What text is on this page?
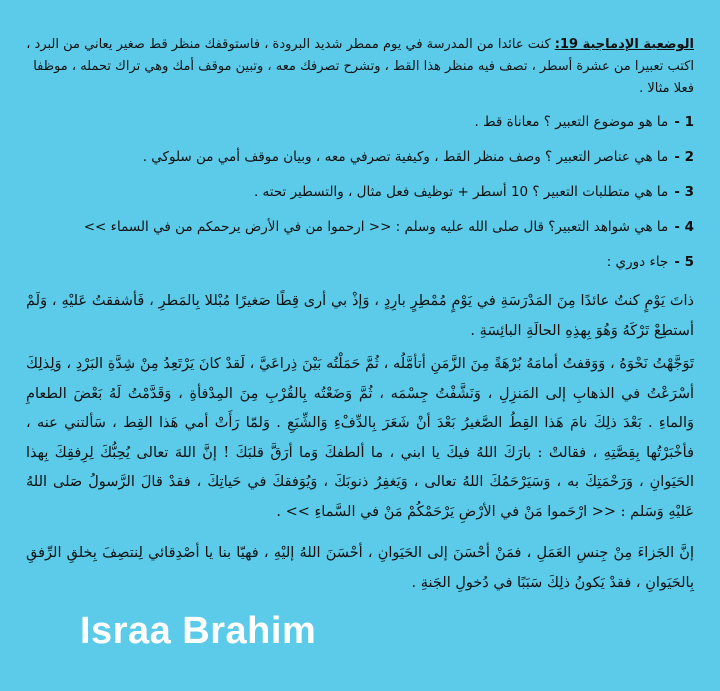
الوضعية الإدماجية 19: كنت عائدا من المدرسة في يوم ممطر شديد البرودة ، فاستوقفك منظر قط صغير يعاني من البرد ، اكتب تعبيرا من عشرة أسطر ، تصف فيه منظر هذا القط ، وتشرح تصرفك معه ، وتبين موقف أمك وهي تراك تحمله ، موظفا فعلا مثالا .

1 -
ما هو موضوع التعبير ؟ معاناة قط .
2 -
ما هي عناصر التعبير ؟ وصف منظر القط ، وكيفية تصرفي معه ، وبيان موقف أمي من سلوكي .
3 -
ما هي متطلبات التعبير ؟ 10 أسطر + توظيف فعل مثال ، والتسطير تحته .
4 -
ما هي شواهد التعبير؟ قال صلى الله عليه وسلم : << ارحموا من في الأرض يرحمكم من في السماء >>
5 -
جاء دوري :

ذاتَ يَوْمٍ كنتُ عائدًا مِنَ المَدْرَسَةِ في يَوْمٍ مُمْطِرٍ بارِدٍ ، وَإذْ بي أرى قِطًا صَغيرًا مُبْللا بِالمَطرِ ، فَأشفقتُ عَليْهِ ، وَلَمْ أستطِعْ تَرْكَهُ وَهُوَ بِهذِهِ الحالَةِ البائِسَةِ .

تَوَجَّهْتُ نَحْوَهُ ، وَوَقفتُ أمامَهُ بُرْهَةً مِنَ الزَّمَنِ أتأمَّلُه ، ثُمَّ حَمَلْتُه بَيْنَ ذِراعَيَّ ، لَقدْ كانَ يَرْتَعِدُ مِنْ شِدَّةِ البَرْدِ ، وَلِذلِكَ أسْرَعْتُ في الذهابِ إلى المَنزِلِ ، وَنَشَّفْتُ جِسْمَه ، ثُمَّ وَضَعْتُه بِالقُرْبِ مِنَ المِدْفأةِ ، وَقَدَّمْتُ لَهُ بَعْضَ الطعامِ وَالماءِ . بَعْدَ ذلِكَ نامَ هَذا القِطُ الصَّغيرُ بَعْدَ أنْ شَعَرَ بِالدِّفْءِ وَالشِّبَعِ . وَلمّا رَأَتْ أمي هَذا القِط ، سَألتني عنه ، فأخْبَرْتُها بِقِصَّتِهِ ، فقالتْ : بارَكَ اللهُ فيكَ يا ابني ، ما ألطفكَ وَما أرَقَّ قلبَكَ ! إنَّ اللهَ تعالى يُحِبُّكَ لِرِفقِكَ بِهذا الحَيَوانِ ، وَرَحْمَتِكَ به ، وَسَيَرْحَمُكَ اللهُ تعالى ، وَيَغفِرُ ذنوبَكَ ، وَيُوَفقكَ في حَياتِكَ ، فقدْ قالَ الرَّسولُ صَلى اللهُ عَليْهِ وَسَلم : << ارْحَموا مَنْ في الأرْضِ يَرْحَمْكُمْ مَنْ في السَّماءِ >> .

إنَّ الجَزاءَ مِنْ جِنسِ العَمَلِ ، فمَنْ أحْسَنَ إلى الحَيَوانِ ، أحْسَنَ اللهُ إليْهِ ، فهيّا بنا يا أصْدِقائي لِنتصِفَ بِخلقِ الرِّفقِ بِالحَيَوانِ ، فقدْ يَكونُ ذلِكَ سَبَبًا في دُخولِ الجَنةِ .

Israa Brahim
